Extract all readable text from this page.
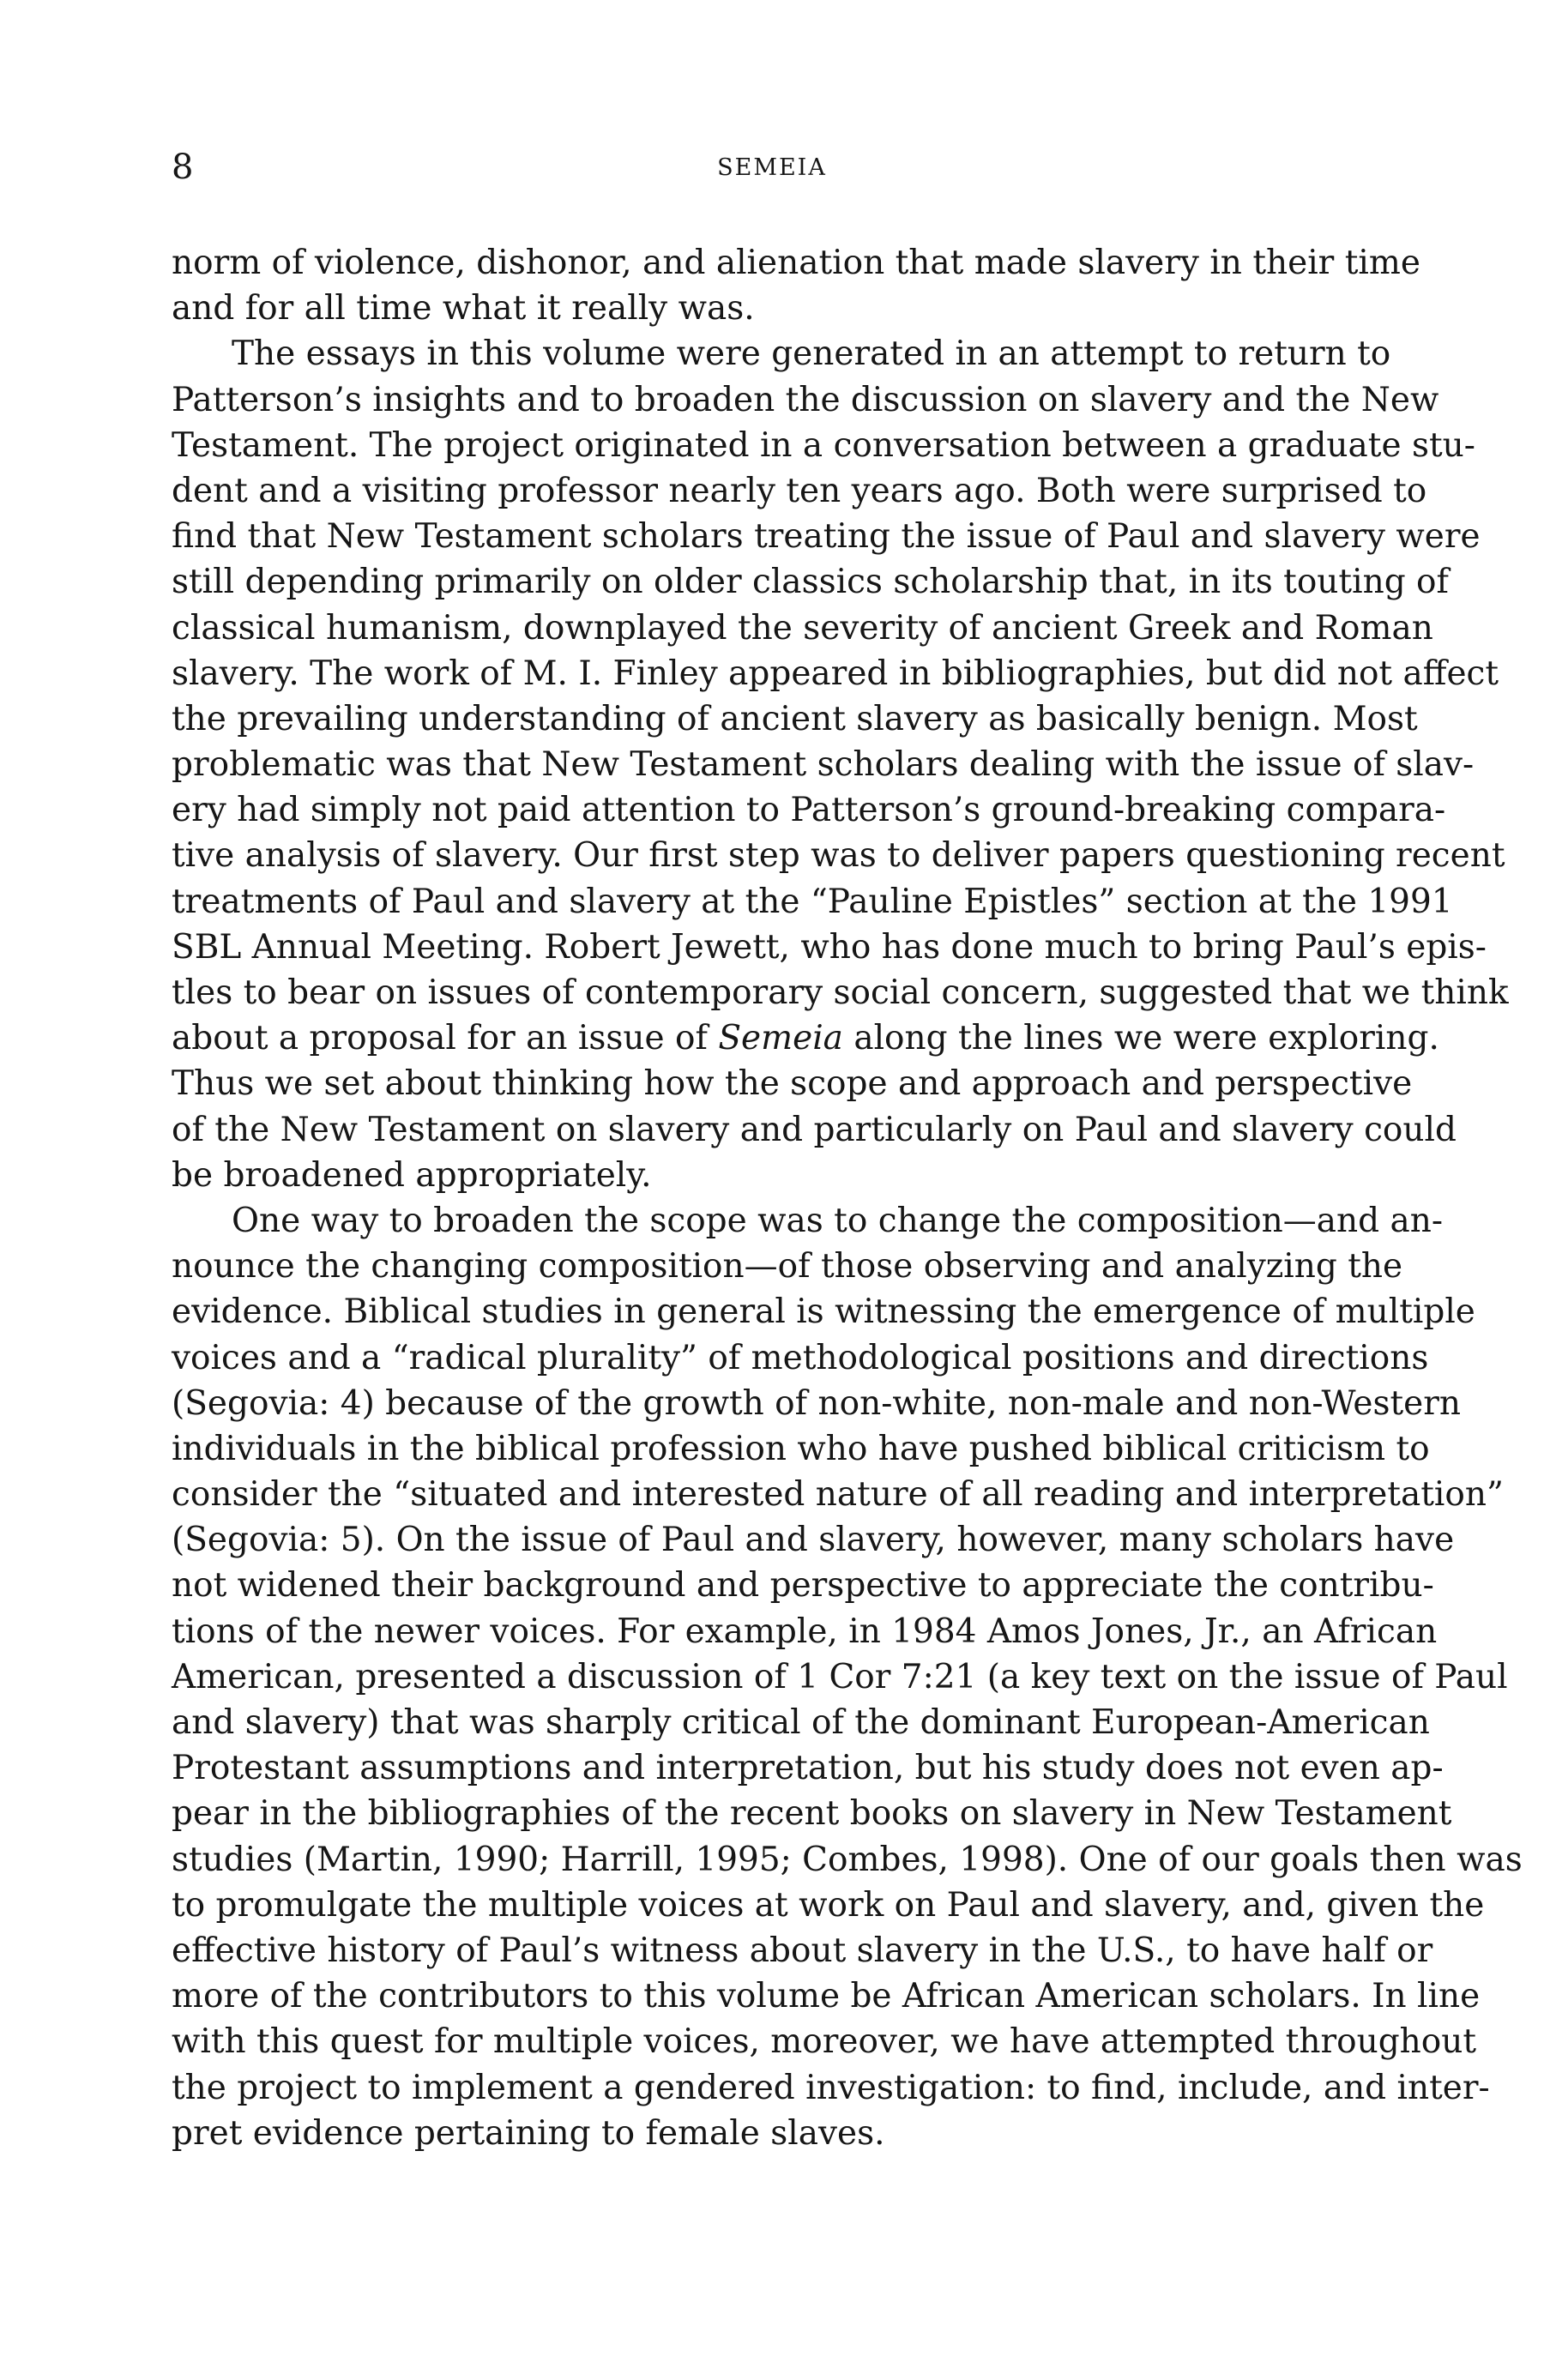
8	SEMEIA
norm of violence, dishonor, and alienation that made slavery in their time
and for all time what it really was.
The essays in this volume were generated in an attempt to return to
Patterson’s insights and to broaden the discussion on slavery and the New
Testament. The project originated in a conversation between a graduate stu-
dent and a visiting professor nearly ten years ago. Both were surprised to
find that New Testament scholars treating the issue of Paul and slavery were
still depending primarily on older classics scholarship that, in its touting of
classical humanism, downplayed the severity of ancient Greek and Roman
slavery. The work of M. I. Finley appeared in bibliographies, but did not affect
the prevailing understanding of ancient slavery as basically benign. Most
problematic was that New Testament scholars dealing with the issue of slav-
ery had simply not paid attention to Patterson’s ground-breaking compara-
tive analysis of slavery. Our first step was to deliver papers questioning recent
treatments of Paul and slavery at the “Pauline Epistles” section at the 1991
SBL Annual Meeting. Robert Jewett, who has done much to bring Paul’s epis-
tles to bear on issues of contemporary social concern, suggested that we think
about a proposal for an issue of Semeia along the lines we were exploring.
Thus we set about thinking how the scope and approach and perspective
of the New Testament on slavery and particularly on Paul and slavery could
be broadened appropriately.
One way to broaden the scope was to change the composition—and an-
nounce the changing composition—of those observing and analyzing the
evidence. Biblical studies in general is witnessing the emergence of multiple
voices and a “radical plurality” of methodological positions and directions
(Segovia: 4) because of the growth of non-white, non-male and non-Western
individuals in the biblical profession who have pushed biblical criticism to
consider the “situated and interested nature of all reading and interpretation”
(Segovia: 5). On the issue of Paul and slavery, however, many scholars have
not widened their background and perspective to appreciate the contribu-
tions of the newer voices. For example, in 1984 Amos Jones, Jr., an African
American, presented a discussion of 1 Cor 7:21 (a key text on the issue of Paul
and slavery) that was sharply critical of the dominant European-American
Protestant assumptions and interpretation, but his study does not even ap-
pear in the bibliographies of the recent books on slavery in New Testament
studies (Martin, 1990; Harrill, 1995; Combes, 1998). One of our goals then was
to promulgate the multiple voices at work on Paul and slavery, and, given the
effective history of Paul’s witness about slavery in the U.S., to have half or
more of the contributors to this volume be African American scholars. In line
with this quest for multiple voices, moreover, we have attempted throughout
the project to implement a gendered investigation: to find, include, and inter-
pret evidence pertaining to female slaves.
